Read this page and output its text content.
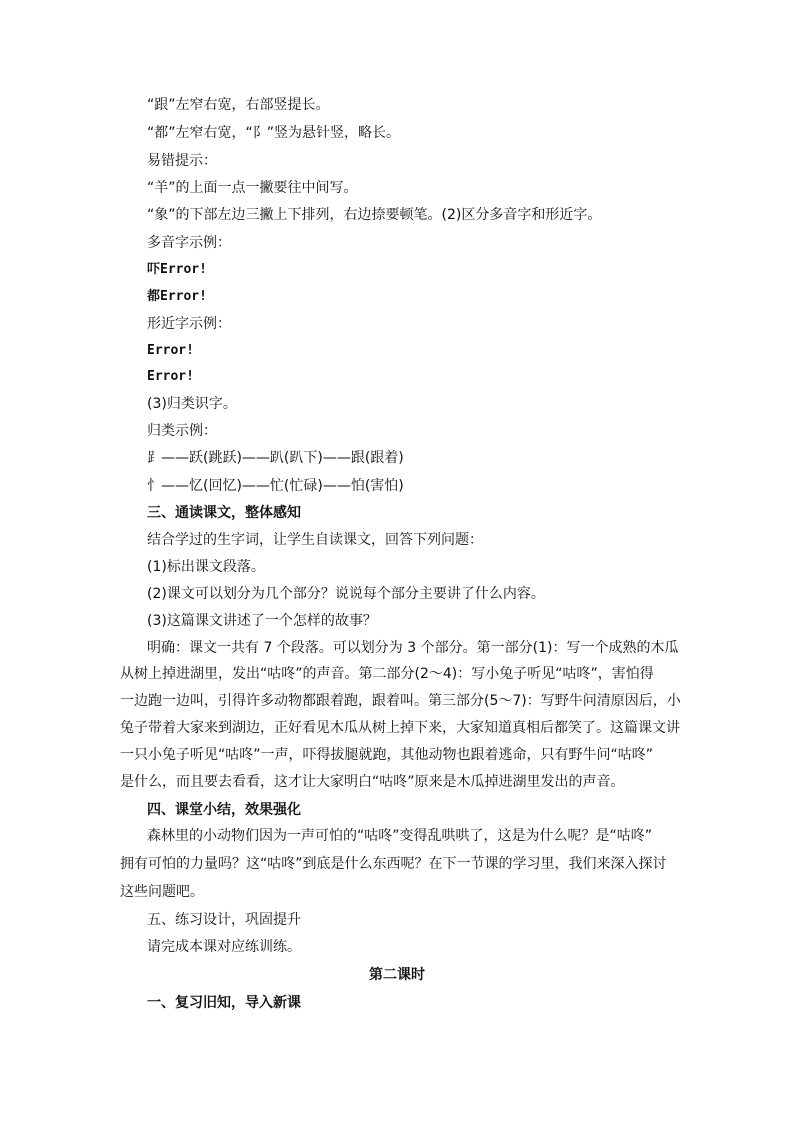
“跟”左窄右宽，右部竖提长。
“都”左窄右宽，“阝”竖为悬针竖，略长。
易错提示：
“羊”的上面一点一撇要往中间写。
“象”的下部左边三撇上下排列，右边捺要顿笔。(2)区分多音字和形近字。
多音字示例：
吓Error!
都Error!
形近字示例：
Error!
Error!
(3)归类识字。
归类示例：
⻊——跃(跳跃)——趴(趴下)——跟(跟着)
忄——忆(回忆)——忙(忙碌)——怕(害怕)
三、通读课文，整体感知
结合学过的生字词，让学生自读课文，回答下列问题：
(1)标出课文段落。
(2)课文可以划分为几个部分？说说每个部分主要讲了什么内容。
(3)这篇课文讲述了一个怎样的故事？
明确：课文一共有 7 个段落。可以划分为 3 个部分。第一部分(1)：写一个成熟的木瓜
从树上掉进湖里，发出“咕咚”的声音。第二部分(2～4)：写小兔子听见“咕咚”，害怕得
一边跑一边叫，引得许多动物都跟着跑，跟着叫。第三部分(5～7)：写野牛问清原因后，小
兔子带着大家来到湖边，正好看见木瓜从树上掉下来，大家知道真相后都笑了。这篇课文讲
一只小兔子听见“咕咚”一声，吓得拔腿就跑，其他动物也跟着逃命，只有野牛问“咕咚”
是什么，而且要去看看，这才让大家明白“咕咚”原来是木瓜掉进湖里发出的声音。
四、课堂小结，效果强化
森林里的小动物们因为一声可怕的“咕咚”变得乱哄哄了，这是为什么呢？是“咕咚”
拥有可怕的力量吗？这“咕咚”到底是什么东西呢？在下一节课的学习里，我们来深入探讨
这些问题吧。
五、练习设计，巩固提升
请完成本课对应练训练。
第二课时
一、复习旧知，导入新课
